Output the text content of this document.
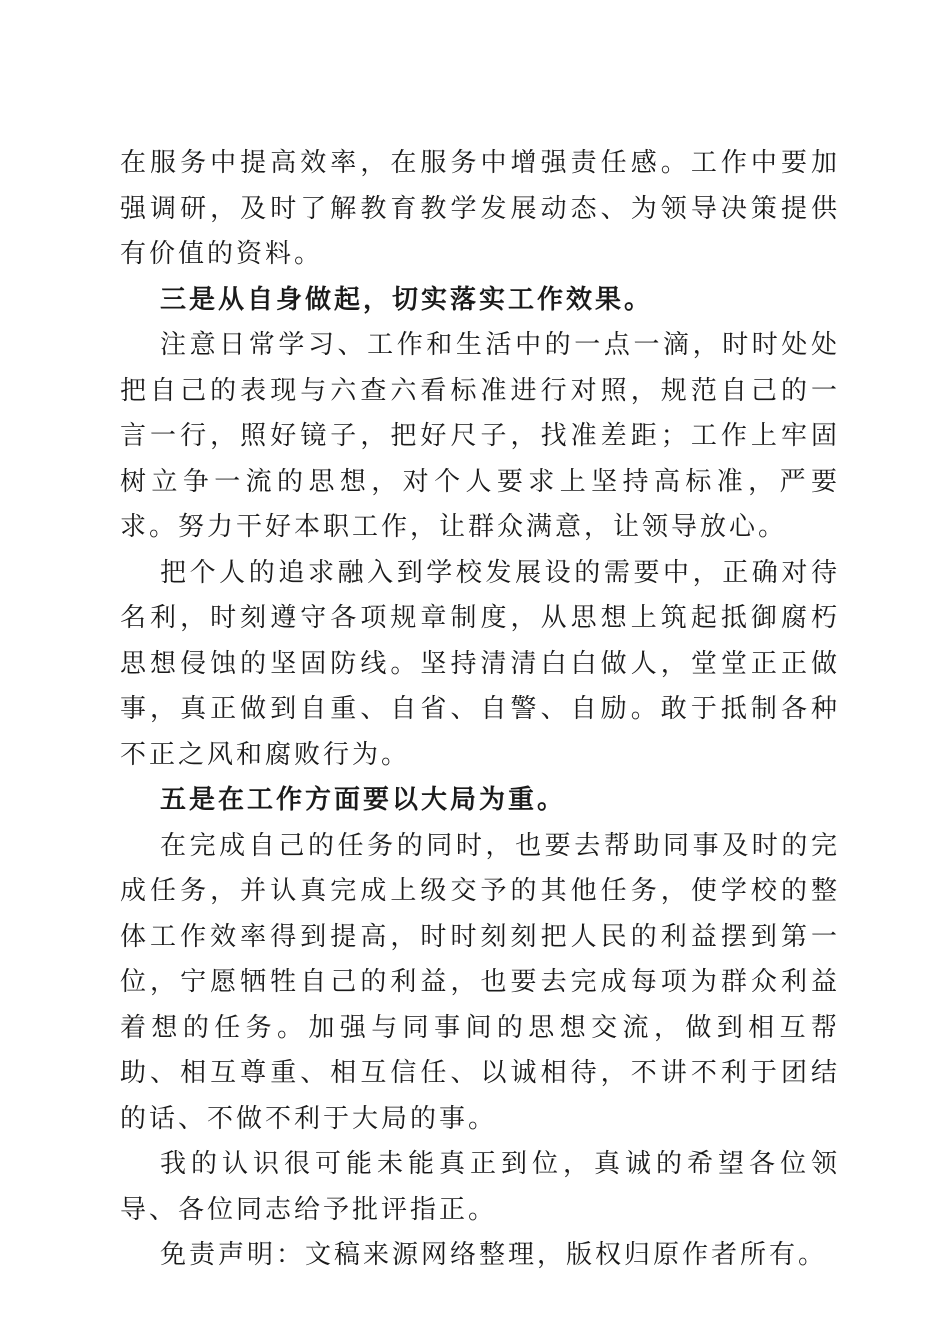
在服务中提高效率，在服务中增强责任感。工作中要加强调研，及时了解教育教学发展动态、为领导决策提供有价值的资料。

三是从自身做起，切实落实工作效果。

注意日常学习、工作和生活中的一点一滴，时时处处把自己的表现与六查六看标准进行对照，规范自己的一言一行，照好镜子，把好尺子，找准差距；工作上牢固树立争一流的思想，对个人要求上坚持高标准，严要求。努力干好本职工作，让群众满意，让领导放心。

把个人的追求融入到学校发展设的需要中，正确对待名利，时刻遵守各项规章制度，从思想上筑起抵御腐朽思想侵蚀的坚固防线。坚持清清白白做人，堂堂正正做事，真正做到自重、自省、自警、自励。敢于抵制各种不正之风和腐败行为。

五是在工作方面要以大局为重。

在完成自己的任务的同时，也要去帮助同事及时的完成任务，并认真完成上级交予的其他任务，使学校的整体工作效率得到提高，时时刻刻把人民的利益摆到第一位，宁愿牺牲自己的利益，也要去完成每项为群众利益着想的任务。加强与同事间的思想交流，做到相互帮助、相互尊重、相互信任、以诚相待，不讲不利于团结的话、不做不利于大局的事。

我的认识很可能未能真正到位，真诚的希望各位领导、各位同志给予批评指正。

免责声明：文稿来源网络整理，版权归原作者所有。
